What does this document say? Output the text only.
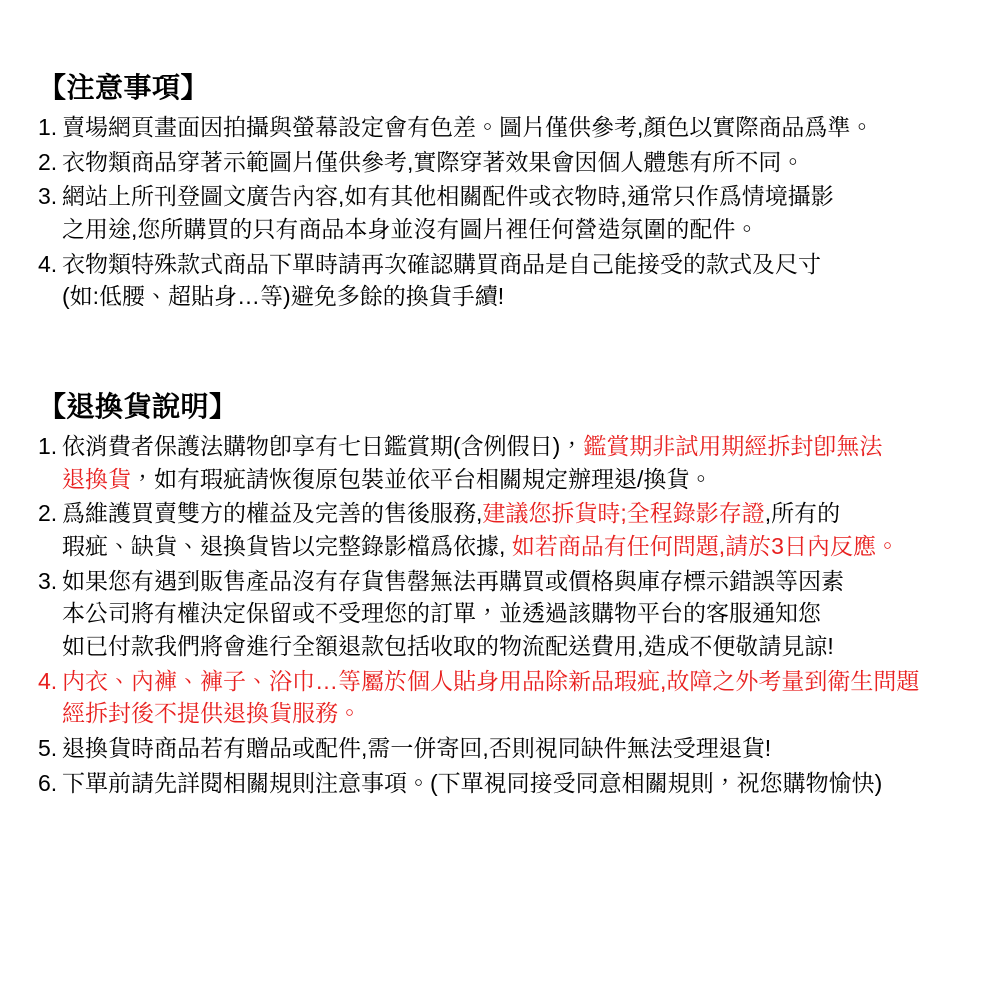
【注意事項】
1. 賣場網頁畫面因拍攝與螢幕設定會有色差。圖片僅供參考,顏色以實際商品爲準。
2. 衣物類商品穿著示範圖片僅供參考,實際穿著效果會因個人體態有所不同。
3. 網站上所刊登圖文廣告內容,如有其他相關配件或衣物時,通常只作爲情境攝影
之用途,您所購買的只有商品本身並沒有圖片裡任何營造氛圍的配件。
4. 衣物類特殊款式商品下單時請再次確認購買商品是自己能接受的款式及尺寸
(如:低腰、超貼身…等)避免多餘的換貨手續!
【退換貨說明】
1. 依消費者保護法購物卽享有七日鑑賞期(含例假日)，鑑賞期非試用期經拆封卽無法
退換貨，如有瑕疵請恢復原包裝並依平台相關規定辦理退/換貨。
2. 爲維護買賣雙方的權益及完善的售後服務,建議您拆貨時;全程錄影存證,所有的
瑕疵、缺貨、退換貨皆以完整錄影檔爲依據, 如若商品有任何問題,請於3日內反應。
3. 如果您有遇到販售產品沒有存貨售罄無法再購買或價格與庫存標示錯誤等因素
本公司將有權決定保留或不受理您的訂單，並透過該購物平台的客服通知您
如已付款我們將會進行全額退款包括收取的物流配送費用,造成不便敬請見諒!
4. 内衣、內褲、褲子、浴巾…等屬於個人貼身用品除新品瑕疵,故障之外考量到衛生問題
經拆封後不提供退換貨服務。
5. 退換貨時商品若有贈品或配件,需一併寄回,否則視同缺件無法受理退貨!
6. 下單前請先詳閱相關規則注意事項。(下單視同接受同意相關規則，祝您購物愉快)
